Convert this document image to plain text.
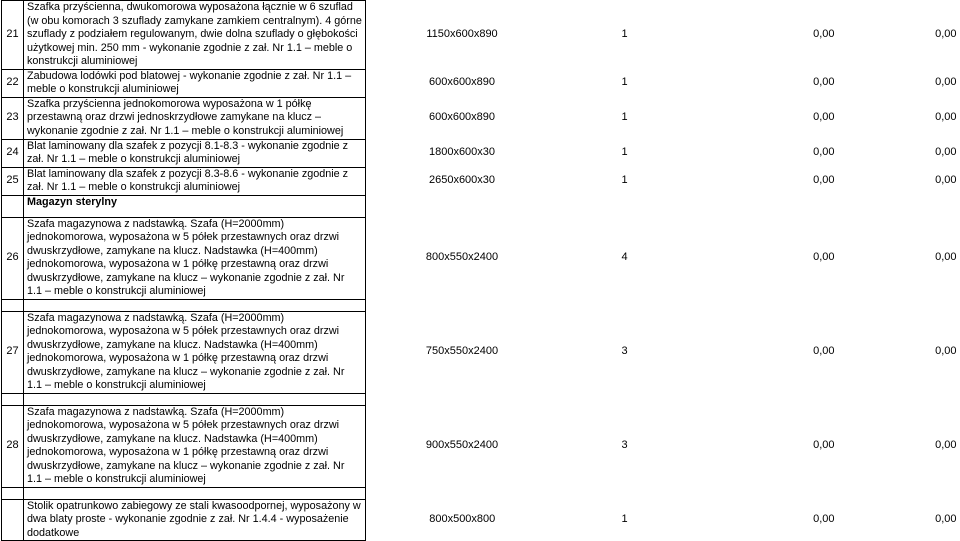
21	Szafka przyścienna, dwukomorowa wyposażona łącznie w 6 szuflad (w obu komorach 3 szuflady zamykane zamkiem centralnym). 4 górne szuflady z podziałem regulowanym, dwie dolna szuflady o głębokości użytkowej min. 250 mm - wykonanie zgodnie z zał. Nr 1.1 – meble o konstrukcji aluminiowej	1150x600x890	1	0,00	0,00
22	Zabudowa lodówki pod blatowej - wykonanie zgodnie z zał. Nr 1.1 – meble o konstrukcji aluminiowej	600x600x890	1	0,00	0,00
23	Szafka przyścienna jednokomorowa wyposażona w 1 półkę przestawną oraz drzwi jednoskrzydłowe zamykane na klucz – wykonanie zgodnie z zał. Nr 1.1 – meble o konstrukcji aluminiowej	600x600x890	1	0,00	0,00
24	Blat laminowany dla szafek z pozycji 8.1-8.3 - wykonanie zgodnie z zał. Nr 1.1 – meble o konstrukcji aluminiowej	1800x600x30	1	0,00	0,00
25	Blat laminowany dla szafek z pozycji 8.3-8.6 - wykonanie zgodnie z zał. Nr 1.1 – meble o konstrukcji aluminiowej	2650x600x30	1	0,00	0,00
	Magazyn sterylny				

26	Szafa magazynowa z nadstawką. Szafa (H=2000mm) jednokomorowa, wyposażona w 5 półek przestawnych oraz drzwi dwuskrzydłowe, zamykane na klucz. Nadstawka (H=400mm) jednokomorowa, wyposażona w 1 półkę przestawną oraz drzwi dwuskrzydłowe, zamykane na klucz – wykonanie zgodnie z zał. Nr 1.1 – meble o konstrukcji aluminiowej	800x550x2400	4	0,00	0,00

27	Szafa magazynowa z nadstawką. Szafa (H=2000mm) jednokomorowa, wyposażona w 5 półek przestawnych oraz drzwi dwuskrzydłowe, zamykane na klucz. Nadstawka (H=400mm) jednokomorowa, wyposażona w 1 półkę przestawną oraz drzwi dwuskrzydłowe, zamykane na klucz – wykonanie zgodnie z zał. Nr 1.1 – meble o konstrukcji aluminiowej	750x550x2400	3	0,00	0,00

28	Szafa magazynowa z nadstawką. Szafa (H=2000mm) jednokomorowa, wyposażona w 5 półek przestawnych oraz drzwi dwuskrzydłowe, zamykane na klucz. Nadstawka (H=400mm) jednokomorowa, wyposażona w 1 półkę przestawną oraz drzwi dwuskrzydłowe, zamykane na klucz – wykonanie zgodnie z zał. Nr 1.1 – meble o konstrukcji aluminiowej	900x550x2400	3	0,00	0,00

	Stolik opatrunkowo zabiegowy ze stali kwasoodpornej, wyposażony w dwa blaty proste - wykonanie zgodnie z zał. Nr 1.4.4 - wyposażenie dodatkowe	800x500x800	1	0,00	0,00
